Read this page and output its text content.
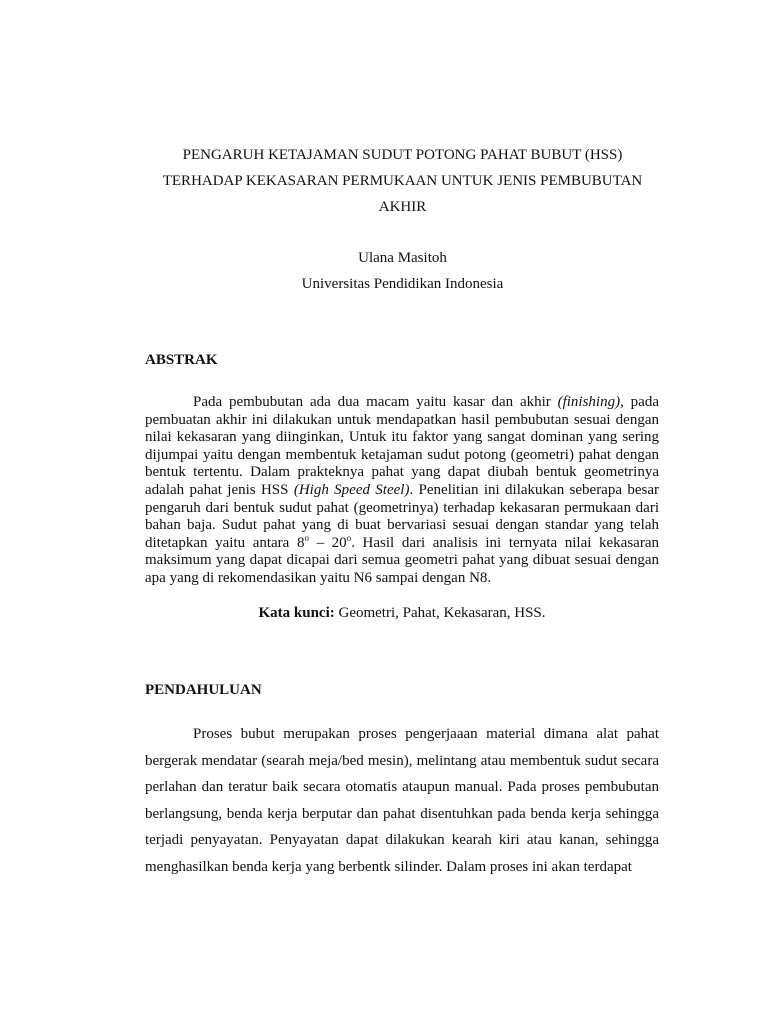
PENGARUH KETAJAMAN SUDUT POTONG PAHAT BUBUT (HSS)
TERHADAP KEKASARAN PERMUKAAN UNTUK JENIS PEMBUBUTAN
AKHIR
Ulana Masitoh
Universitas Pendidikan Indonesia
ABSTRAK

Pada pembubutan ada dua macam yaitu kasar dan akhir (finishing), pada pembuatan akhir ini dilakukan untuk mendapatkan hasil pembubutan sesuai dengan nilai kekasaran yang diinginkan, Untuk itu faktor yang sangat dominan yang sering dijumpai yaitu dengan membentuk ketajaman sudut potong (geometri) pahat dengan bentuk tertentu. Dalam prakteknya pahat yang dapat diubah bentuk geometrinya adalah pahat jenis HSS (High Speed Steel). Penelitian ini dilakukan seberapa besar pengaruh dari bentuk sudut pahat (geometrinya) terhadap kekasaran permukaan dari bahan baja. Sudut pahat yang di buat bervariasi sesuai dengan standar yang telah ditetapkan yaitu antara 8$^o$ – 20$^o$. Hasil dari analisis ini ternyata nilai kekasaran maksimum yang dapat dicapai dari semua geometri pahat yang dibuat sesuai dengan apa yang di rekomendasikan yaitu N6 sampai dengan N8.

Kata kunci: Geometri, Pahat, Kekasaran, HSS.
PENDAHULUAN

Proses bubut merupakan proses pengerjaaan material dimana alat pahat bergerak mendatar (searah meja/bed mesin), melintang atau membentuk sudut secara perlahan dan teratur baik secara otomatis ataupun manual. Pada proses pembubutan berlangsung, benda kerja berputar dan pahat disentuhkan pada benda kerja sehingga terjadi penyayatan. Penyayatan dapat dilakukan kearah kiri atau kanan, sehingga menghasilkan benda kerja yang berbentk silinder. Dalam proses ini akan terdapat
